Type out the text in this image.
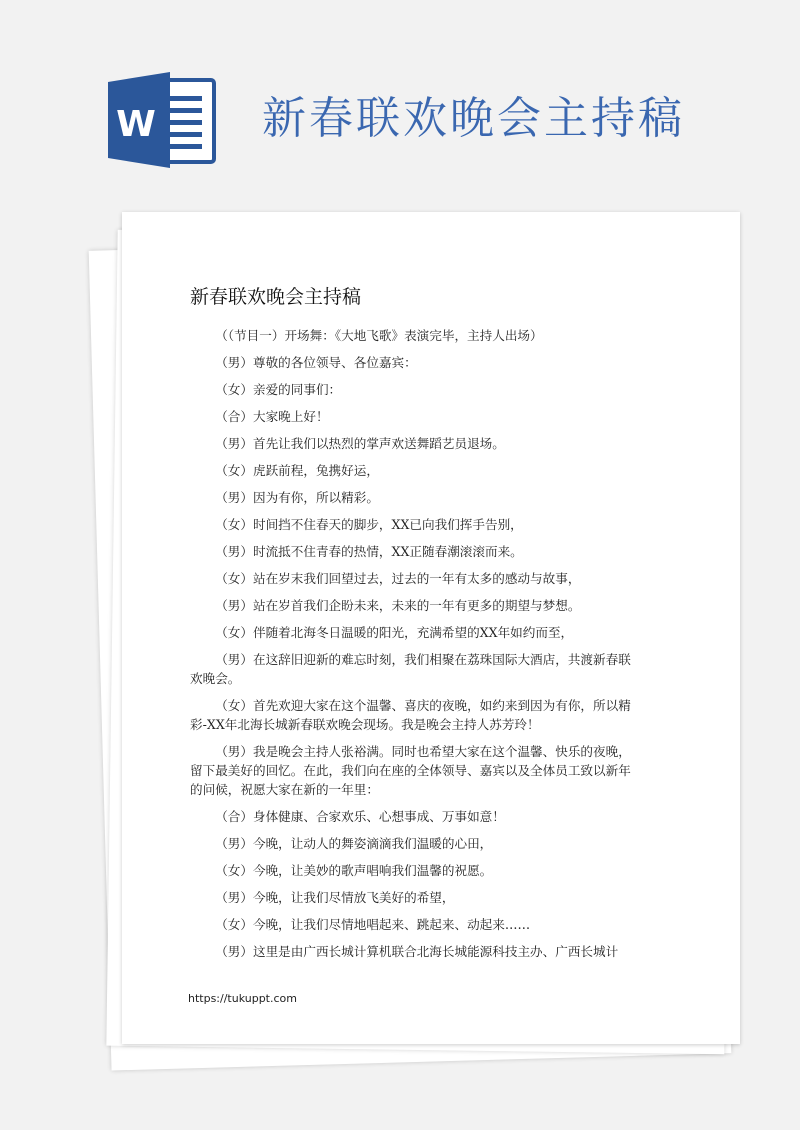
W 新春联欢晚会主持稿
新春联欢晚会主持稿

（（节目一）开场舞：《大地飞歌》表演完毕，主持人出场）

（男）尊敬的各位领导、各位嘉宾：

（女）亲爱的同事们：

（合）大家晚上好！

（男）首先让我们以热烈的掌声欢送舞蹈艺员退场。

（女）虎跃前程，兔携好运，

（男）因为有你，所以精彩。

（女）时间挡不住春天的脚步，XX已向我们挥手告别，

（男）时流抵不住青春的热情，XX正随春潮滚滚而来。

（女）站在岁末我们回望过去，过去的一年有太多的感动与故事，

（男）站在岁首我们企盼未来，未来的一年有更多的期望与梦想。

（女）伴随着北海冬日温暖的阳光，充满希望的XX年如约而至，

（男）在这辞旧迎新的难忘时刻，我们相聚在荔珠国际大酒店，共渡新春联欢晚会。

（女）首先欢迎大家在这个温馨、喜庆的夜晚，如约来到因为有你，所以精彩-XX年北海长城新春联欢晚会现场。我是晚会主持人苏芳玲！

（男）我是晚会主持人张裕满。同时也希望大家在这个温馨、快乐的夜晚，留下最美好的回忆。在此，我们向在座的全体领导、嘉宾以及全体员工致以新年的问候，祝愿大家在新的一年里：

（合）身体健康、合家欢乐、心想事成、万事如意！

（男）今晚，让动人的舞姿滴滴我们温暖的心田，

（女）今晚，让美妙的歌声唱响我们温馨的祝愿。

（男）今晚，让我们尽情放飞美好的希望，

（女）今晚，让我们尽情地唱起来、跳起来、动起来……

（男）这里是由广西长城计算机联合北海长城能源科技主办、广西长城计

https://tukuppt.com
